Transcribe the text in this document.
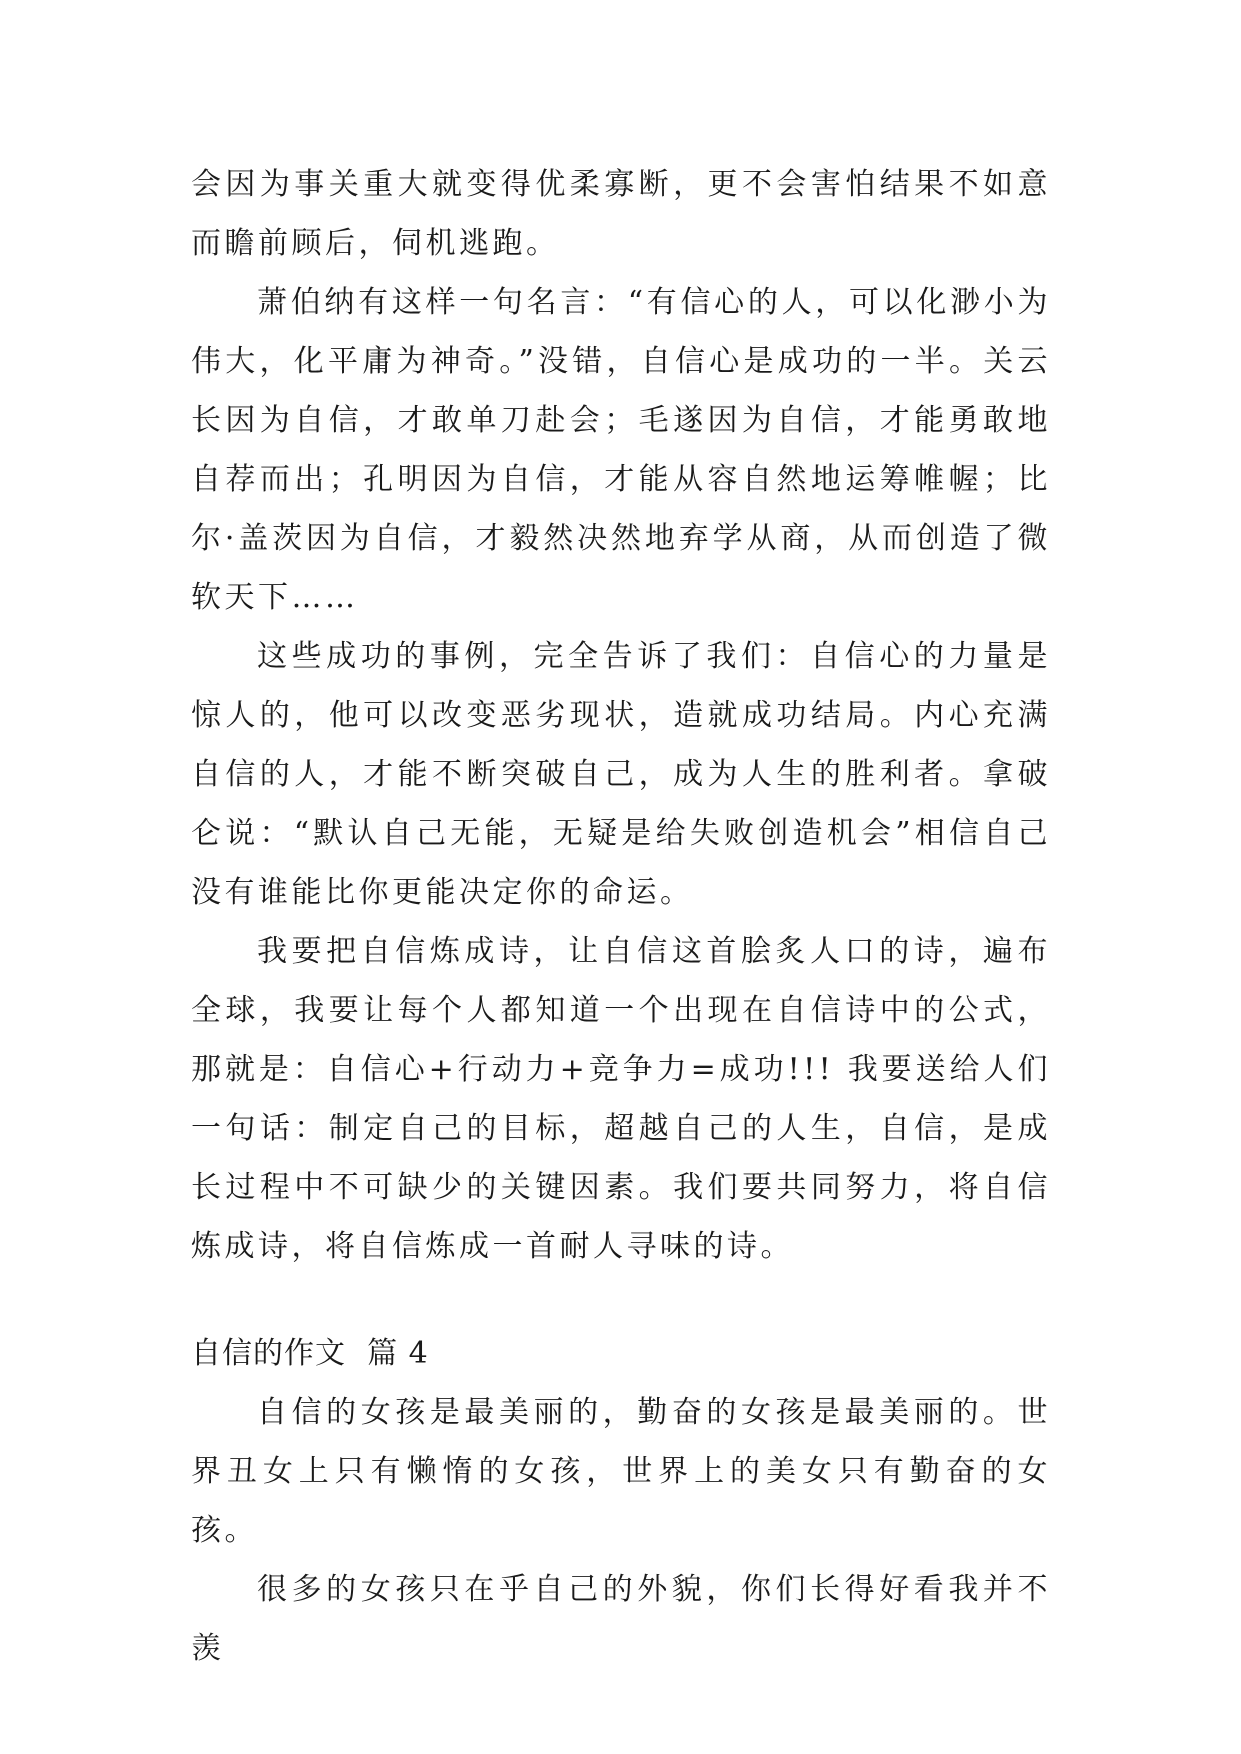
会因为事关重大就变得优柔寡断，更不会害怕结果不如意而瞻前顾后，伺机逃跑。

萧伯纳有这样一句名言：“有信心的人，可以化渺小为伟大，化平庸为神奇。”没错，自信心是成功的一半。关云长因为自信，才敢单刀赴会；毛遂因为自信，才能勇敢地自荐而出；孔明因为自信，才能从容自然地运筹帷幄；比尔·盖茨因为自信，才毅然决然地弃学从商，从而创造了微软天下……

这些成功的事例，完全告诉了我们：自信心的力量是惊人的，他可以改变恶劣现状，造就成功结局。内心充满自信的人，才能不断突破自己，成为人生的胜利者。拿破仑说：“默认自己无能，无疑是给失败创造机会”相信自己没有谁能比你更能决定你的命运。

我要把自信炼成诗，让自信这首脍炙人口的诗，遍布全球，我要让每个人都知道一个出现在自信诗中的公式，那就是：自信心+行动力+竞争力=成功!!! 我要送给人们一句话：制定自己的目标，超越自己的人生，自信，是成长过程中不可缺少的关键因素。我们要共同努力，将自信炼成诗，将自信炼成一首耐人寻味的诗。

自信的作文  篇 4

自信的女孩是最美丽的，勤奋的女孩是最美丽的。世界丑女上只有懒惰的女孩，世界上的美女只有勤奋的女孩。

很多的女孩只在乎自己的外貌，你们长得好看我并不羡
